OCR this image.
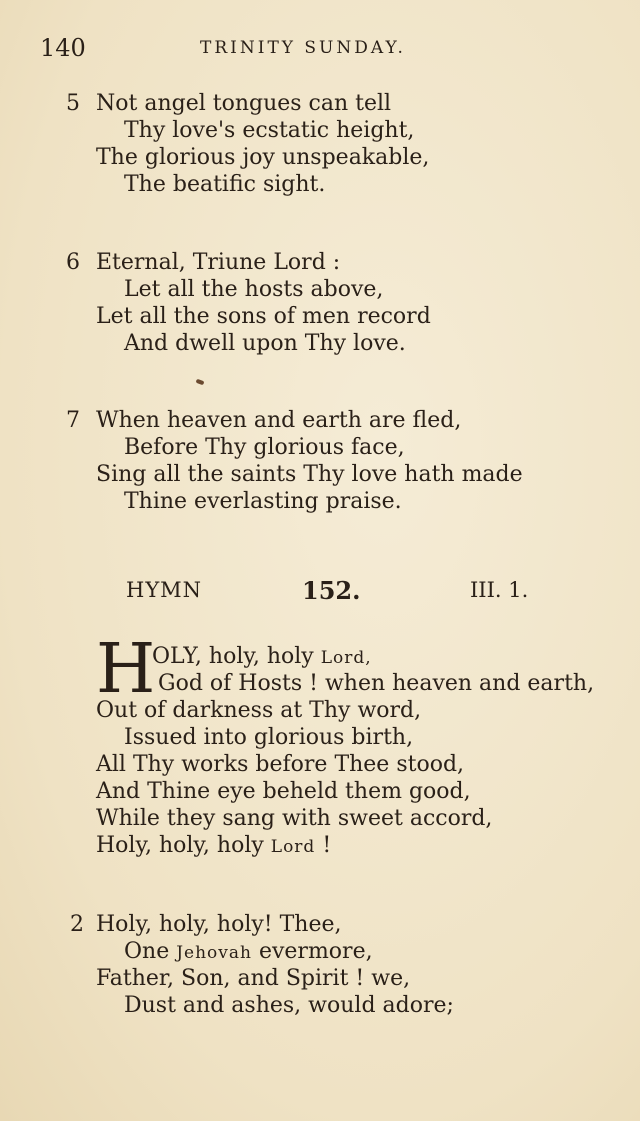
140	TRINITY SUNDAY.
5 Not angel tongues can tell
Thy love's ecstatic height,
The glorious joy unspeakable,
The beatific sight.
6 Eternal, Triune Lord :
Let all the hosts above,
Let all the sons of men record
And dwell upon Thy love.
7 When heaven and earth are fled,
Before Thy glorious face,
Sing all the saints Thy love hath made
Thine everlasting praise.
HYMN	152.	III. 1.
H
OLY, holy, holy Lord,
God of Hosts ! when heaven and earth,
Out of darkness at Thy word,
Issued into glorious birth,
All Thy works before Thee stood,
And Thine eye beheld them good,
While they sang with sweet accord,
Holy, holy, holy Lord !
2 Holy, holy, holy! Thee,
One Jehovah evermore,
Father, Son, and Spirit ! we,
Dust and ashes, would adore;
